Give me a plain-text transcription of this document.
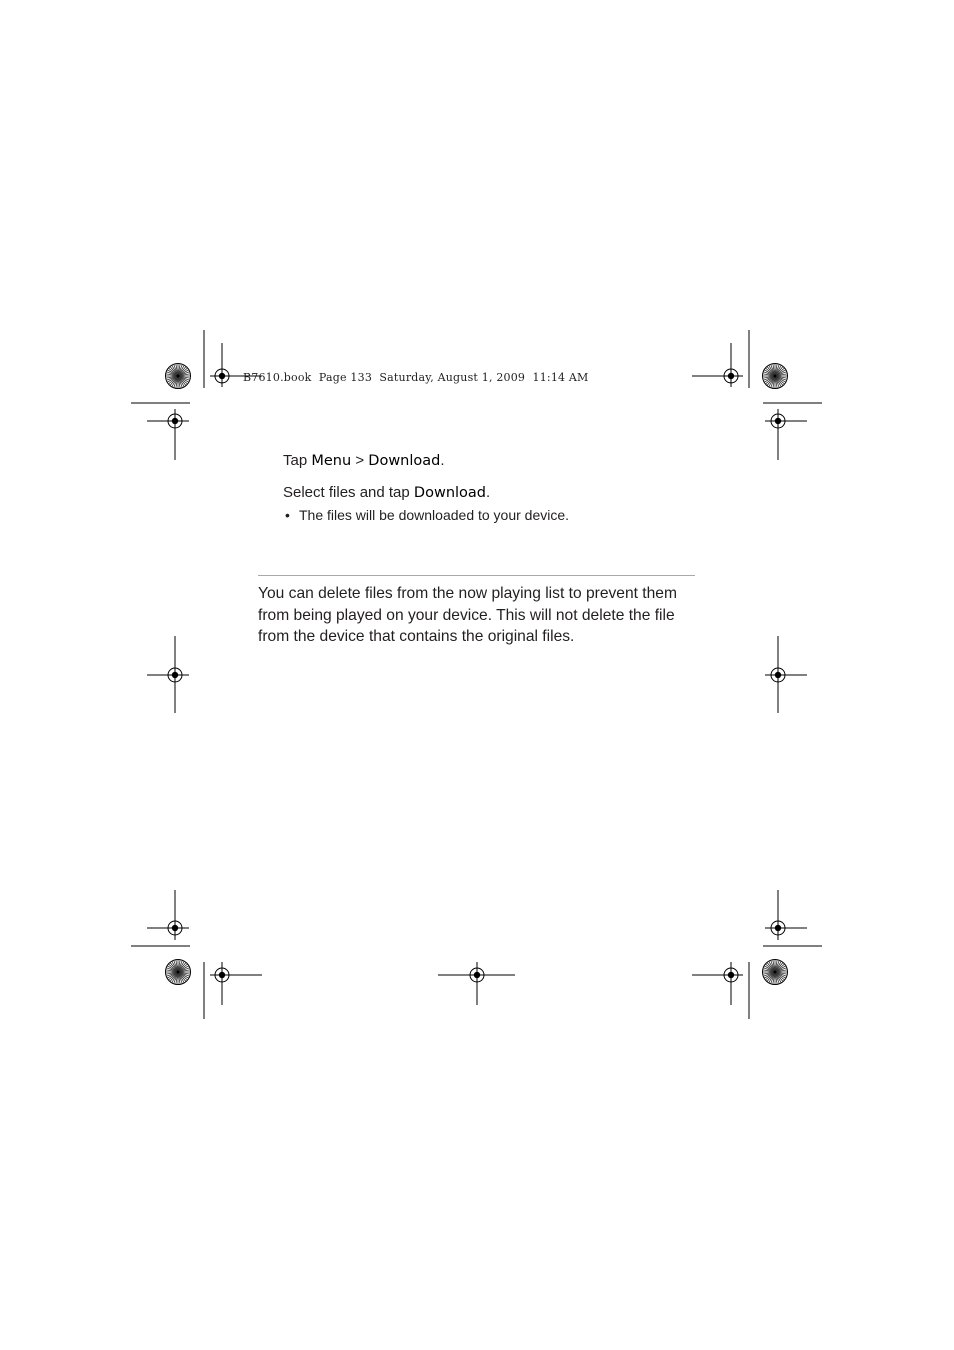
B7610.book  Page 133  Saturday, August 1, 2009  11:14 AM
Tap Menu > Download.
Select files and tap Download.
• The files will be downloaded to your device.
You can delete files from the now playing list to prevent them
from being played on your device. This will not delete the file
from the device that contains the original files.
